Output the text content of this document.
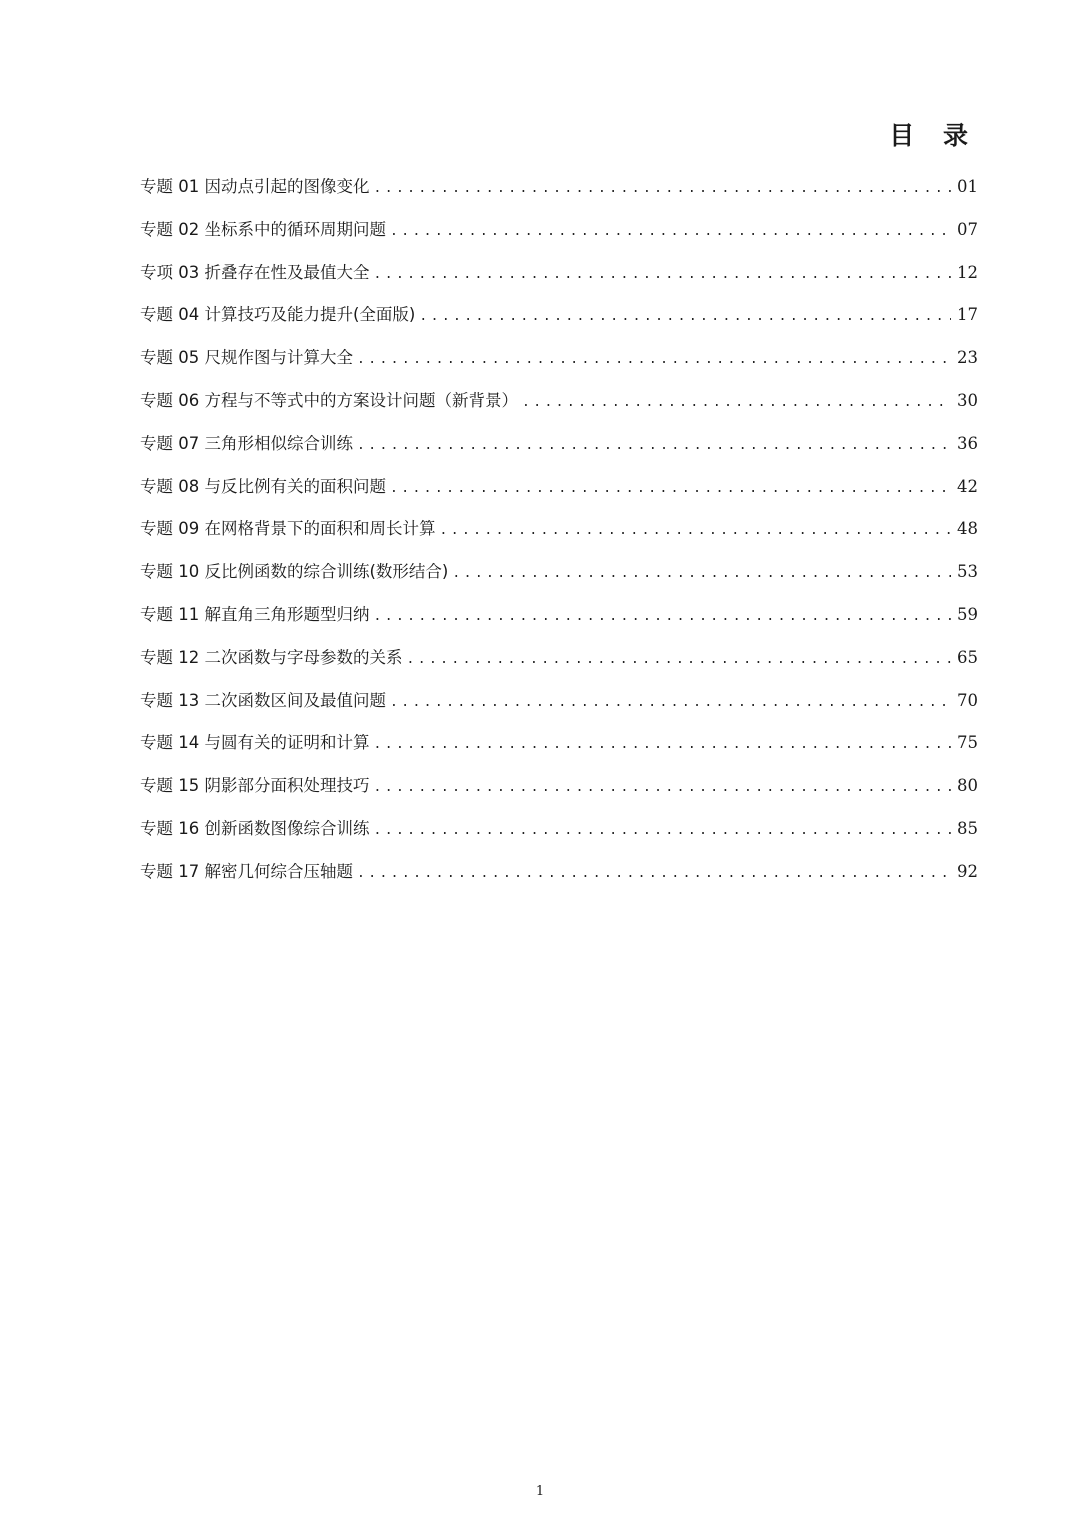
目 录
专题 01 因动点引起的图像变化 .....	01
专题 02 坐标系中的循环周期问题 .....	07
专项 03 折叠存在性及最值大全 .....	12
专题 04 计算技巧及能力提升(全面版) .....	17
专题 05 尺规作图与计算大全 .....	23
专题 06 方程与不等式中的方案设计问题（新背景） .....	30
专题 07 三角形相似综合训练 .....	36
专题 08 与反比例有关的面积问题 .....	42
专题 09 在网格背景下的面积和周长计算 .....	48
专题 10 反比例函数的综合训练(数形结合) .....	53
专题 11 解直角三角形题型归纳 .....	59
专题 12 二次函数与字母参数的关系 .....	65
专题 13 二次函数区间及最值问题 .....	70
专题 14 与圆有关的证明和计算 .....	75
专题 15 阴影部分面积处理技巧 .....	80
专题 16 创新函数图像综合训练 .....	85
专题 17 解密几何综合压轴题 .....	92
1
